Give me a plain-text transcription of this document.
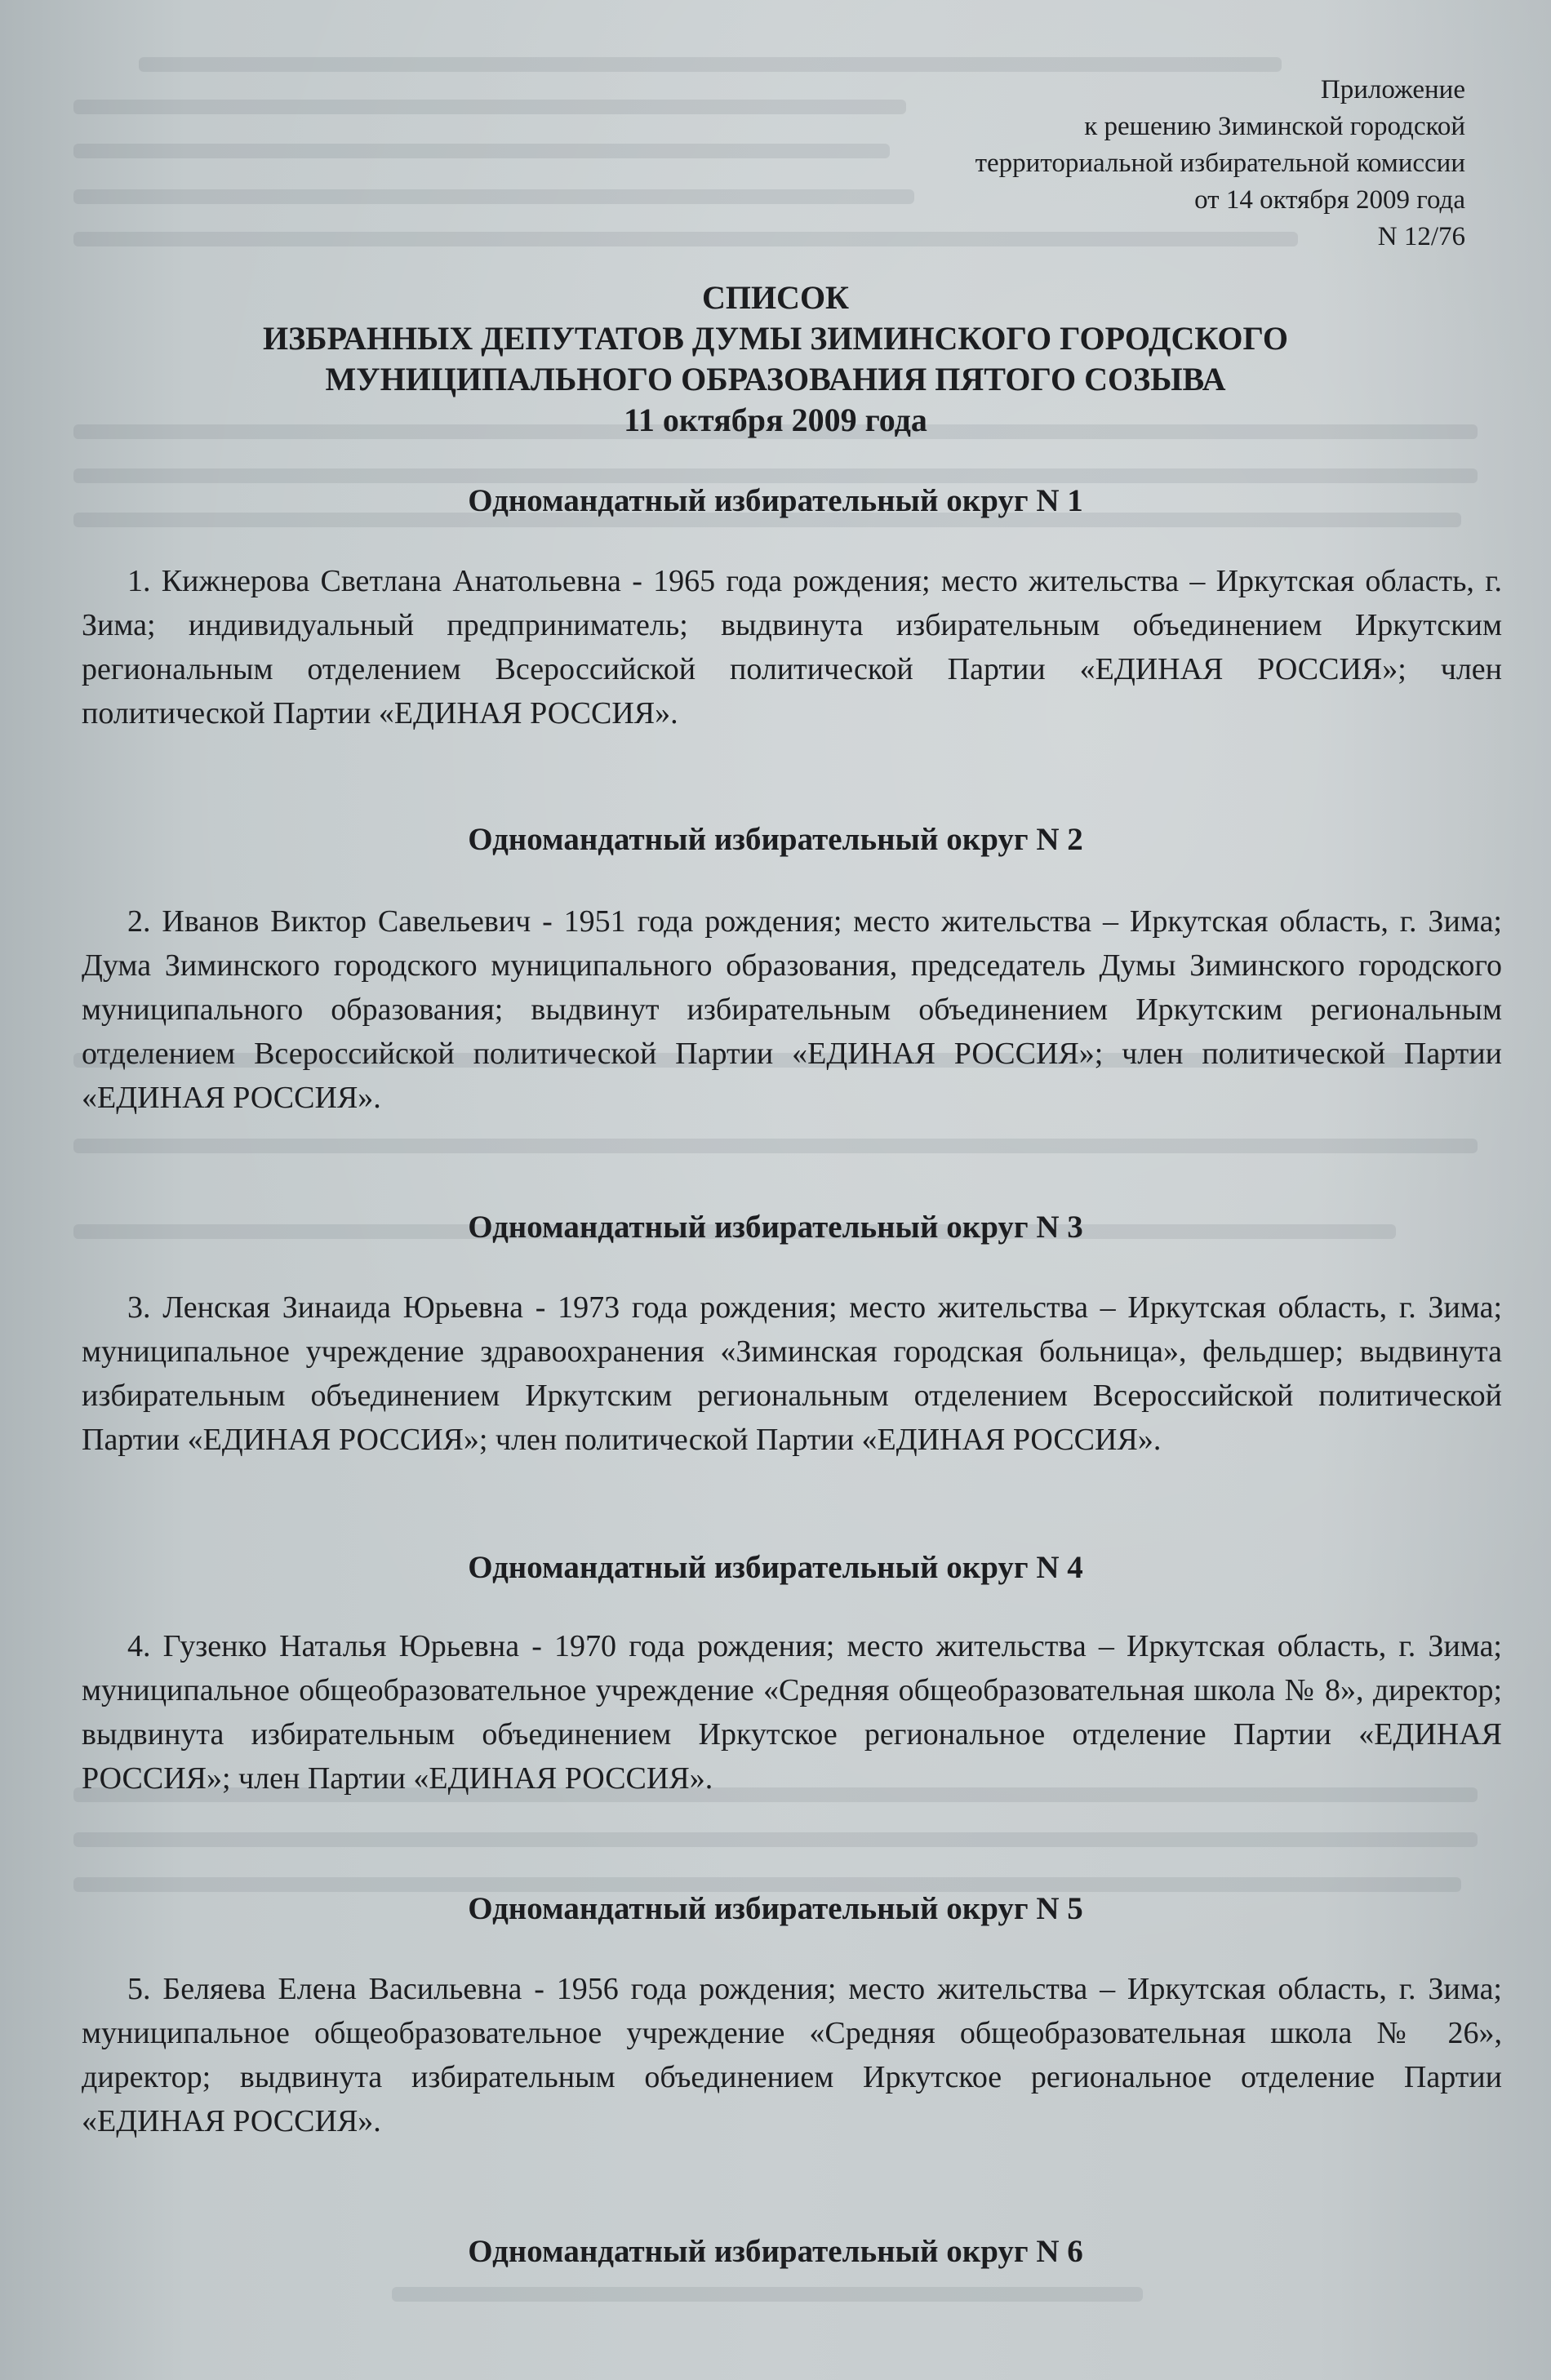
Приложение
к решению Зиминской городской
территориальной избирательной комиссии
от 14 октября 2009 года
N 12/76
СПИСОК
ИЗБРАННЫХ ДЕПУТАТОВ ДУМЫ ЗИМИНСКОГО ГОРОДСКОГО
МУНИЦИПАЛЬНОГО ОБРАЗОВАНИЯ ПЯТОГО СОЗЫВА
11 октября 2009 года
Одномандатный избирательный округ N 1
1. Кижнерова Светлана Анатольевна - 1965 года рождения; место жительства – Иркутская область, г. Зима; индивидуальный предприниматель; выдвинута избирательным объединением Иркутским региональным отделением Всероссийской политической Партии «ЕДИНАЯ РОССИЯ»; член политической Партии «ЕДИНАЯ РОССИЯ».
Одномандатный избирательный округ N 2
2. Иванов Виктор Савельевич - 1951 года рождения; место жительства – Иркутская область, г. Зима; Дума Зиминского городского муниципального образования, председатель Думы Зиминского городского муниципального образования; выдвинут избирательным объединением Иркутским региональным отделением Всероссийской политической Партии «ЕДИНАЯ РОССИЯ»; член политической Партии «ЕДИНАЯ РОССИЯ».
Одномандатный избирательный округ N 3
3. Ленская Зинаида Юрьевна - 1973 года рождения; место жительства – Иркутская область, г. Зима; муниципальное учреждение здравоохранения «Зиминская городская больница», фельдшер; выдвинута избирательным объединением Иркутским региональным отделением Всероссийской политической Партии «ЕДИНАЯ РОССИЯ»; член политической Партии «ЕДИНАЯ РОССИЯ».
Одномандатный избирательный округ N 4
4. Гузенко Наталья Юрьевна - 1970 года рождения; место жительства – Иркутская область, г. Зима; муниципальное общеобразовательное учреждение «Средняя общеобразовательная школа № 8», директор; выдвинута избирательным объединением Иркутское региональное отделение Партии «ЕДИНАЯ РОССИЯ»; член Партии «ЕДИНАЯ РОССИЯ».
Одномандатный избирательный округ N 5
5. Беляева Елена Васильевна - 1956 года рождения; место жительства – Иркутская область, г. Зима; муниципальное общеобразовательное учреждение «Средняя общеобразовательная школа № 26», директор; выдвинута избирательным объединением Иркутское региональное отделение Партии «ЕДИНАЯ РОССИЯ».
Одномандатный избирательный округ N 6
